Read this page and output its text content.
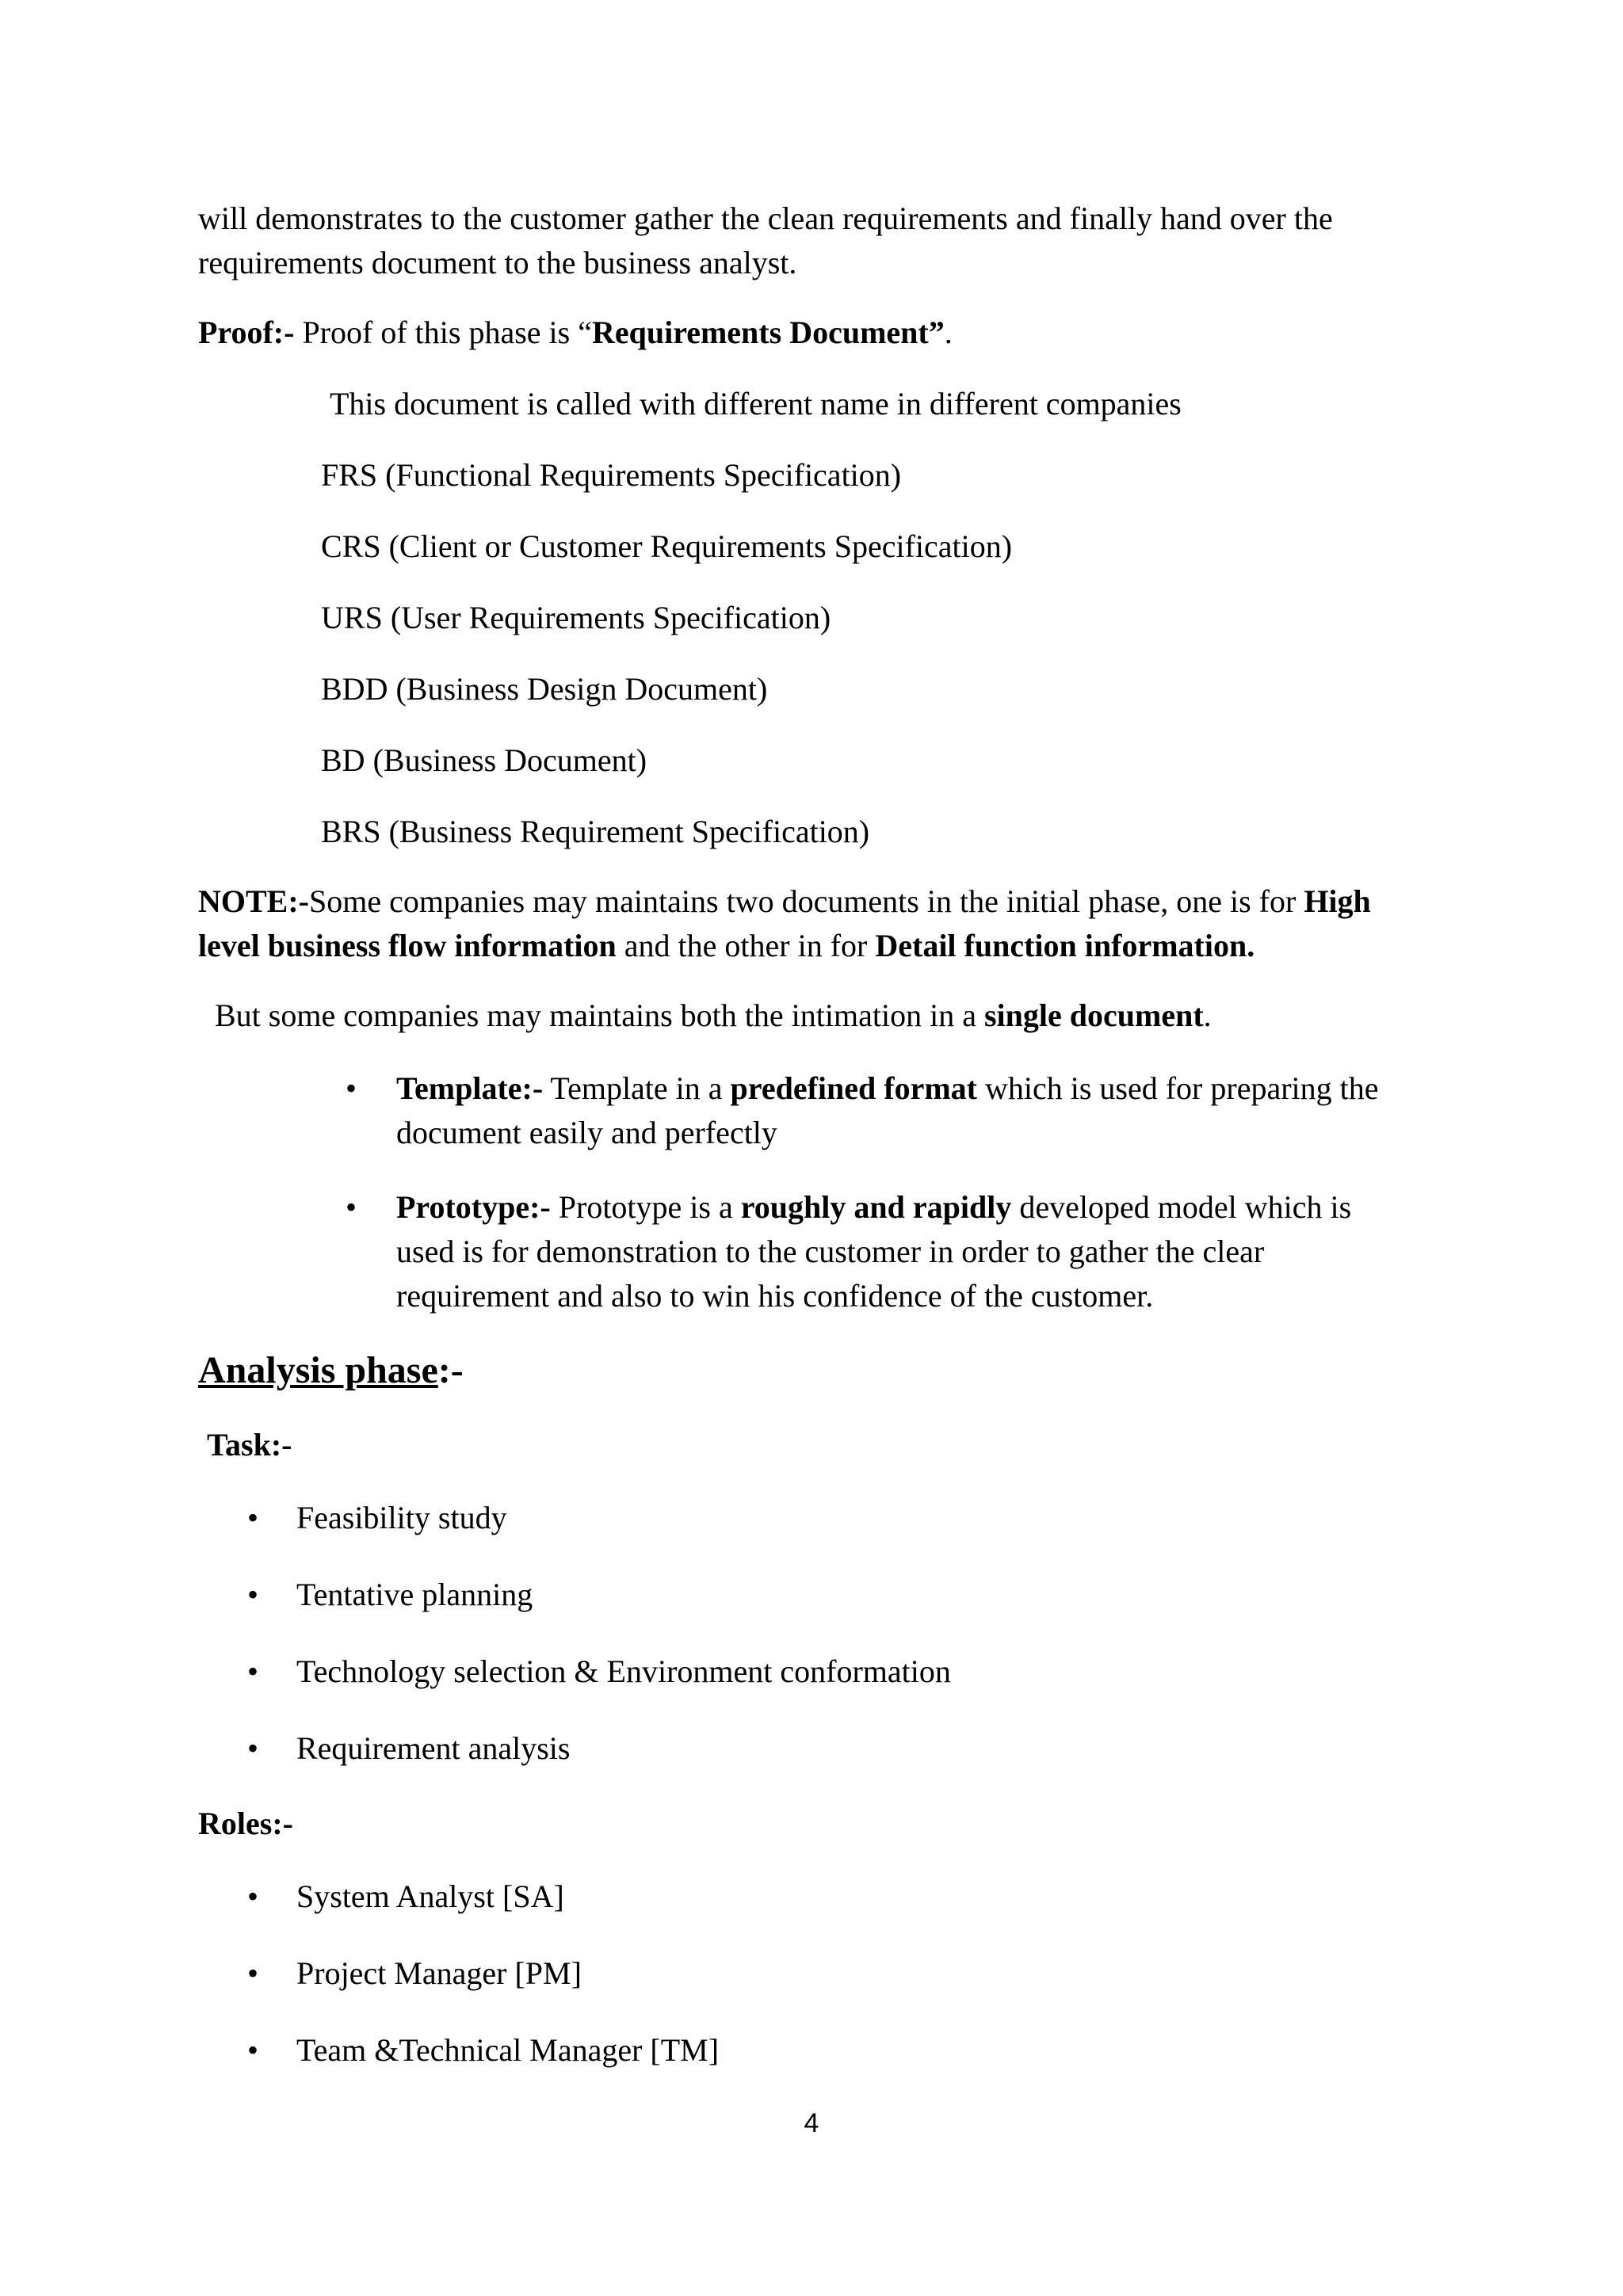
will demonstrates to the customer gather the clean requirements and finally hand over the
requirements document to the business analyst.
Proof:- Proof of this phase is “Requirements Document”.
This document is called with different name in different companies
FRS (Functional Requirements Specification)
CRS (Client or Customer Requirements Specification)
URS (User Requirements Specification)
BDD (Business Design Document)
BD (Business Document)
BRS (Business Requirement Specification)
NOTE:-Some companies may maintains two documents in the initial phase, one is for High
level business flow information and the other in for Detail function information.
But some companies may maintains both the intimation in a single document.
• Template:- Template in a predefined format which is used for preparing the
document easily and perfectly
• Prototype:- Prototype is a roughly and rapidly developed model which is
used is for demonstration to the customer in order to gather the clear
requirement and also to win his confidence of the customer.
Analysis phase:-
Task:-
• Feasibility study
• Tentative planning
• Technology selection & Environment conformation
• Requirement analysis
Roles:-
• System Analyst [SA]
• Project Manager [PM]
• Team &Technical Manager [TM]
4
